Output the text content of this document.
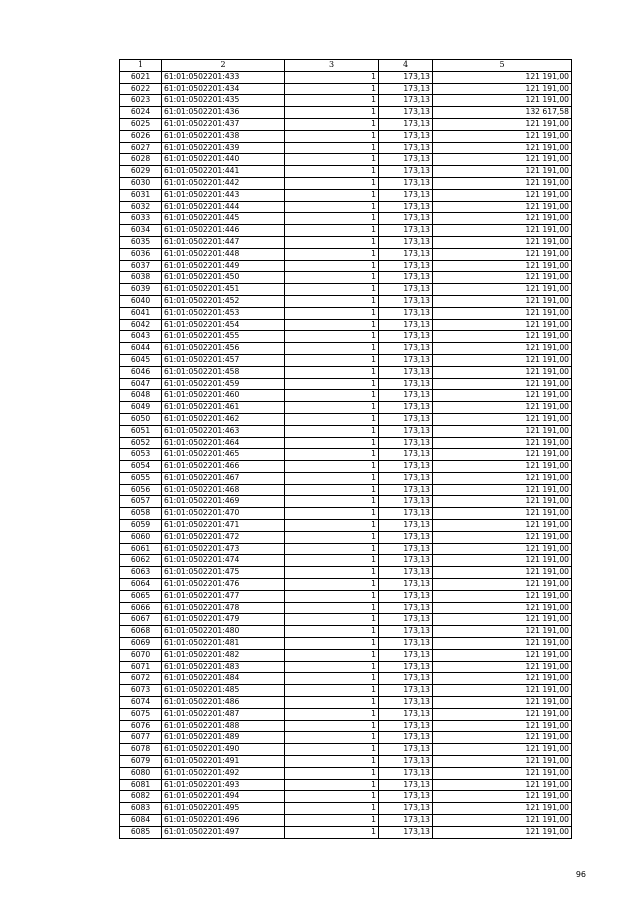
1	2	3	4	5
6021	61:01:0502201:433	1	173,13	121 191,00
6022	61:01:0502201:434	1	173,13	121 191,00
6023	61:01:0502201:435	1	173,13	121 191,00
6024	61:01:0502201:436	1	173,13	132 617,58
6025	61:01:0502201:437	1	173,13	121 191,00
6026	61:01:0502201:438	1	173,13	121 191,00
6027	61:01:0502201:439	1	173,13	121 191,00
6028	61:01:0502201:440	1	173,13	121 191,00
6029	61:01:0502201:441	1	173,13	121 191,00
6030	61:01:0502201:442	1	173,13	121 191,00
6031	61:01:0502201:443	1	173,13	121 191,00
6032	61:01:0502201:444	1	173,13	121 191,00
6033	61:01:0502201:445	1	173,13	121 191,00
6034	61:01:0502201:446	1	173,13	121 191,00
6035	61:01:0502201:447	1	173,13	121 191,00
6036	61:01:0502201:448	1	173,13	121 191,00
6037	61:01:0502201:449	1	173,13	121 191,00
6038	61:01:0502201:450	1	173,13	121 191,00
6039	61:01:0502201:451	1	173,13	121 191,00
6040	61:01:0502201:452	1	173,13	121 191,00
6041	61:01:0502201:453	1	173,13	121 191,00
6042	61:01:0502201:454	1	173,13	121 191,00
6043	61:01:0502201:455	1	173,13	121 191,00
6044	61:01:0502201:456	1	173,13	121 191,00
6045	61:01:0502201:457	1	173,13	121 191,00
6046	61:01:0502201:458	1	173,13	121 191,00
6047	61:01:0502201:459	1	173,13	121 191,00
6048	61:01:0502201:460	1	173,13	121 191,00
6049	61:01:0502201:461	1	173,13	121 191,00
6050	61:01:0502201:462	1	173,13	121 191,00
6051	61:01:0502201:463	1	173,13	121 191,00
6052	61:01:0502201:464	1	173,13	121 191,00
6053	61:01:0502201:465	1	173,13	121 191,00
6054	61:01:0502201:466	1	173,13	121 191,00
6055	61:01:0502201:467	1	173,13	121 191,00
6056	61:01:0502201:468	1	173,13	121 191,00
6057	61:01:0502201:469	1	173,13	121 191,00
6058	61:01:0502201:470	1	173,13	121 191,00
6059	61:01:0502201:471	1	173,13	121 191,00
6060	61:01:0502201:472	1	173,13	121 191,00
6061	61:01:0502201:473	1	173,13	121 191,00
6062	61:01:0502201:474	1	173,13	121 191,00
6063	61:01:0502201:475	1	173,13	121 191,00
6064	61:01:0502201:476	1	173,13	121 191,00
6065	61:01:0502201:477	1	173,13	121 191,00
6066	61:01:0502201:478	1	173,13	121 191,00
6067	61:01:0502201:479	1	173,13	121 191,00
6068	61:01:0502201:480	1	173,13	121 191,00
6069	61:01:0502201:481	1	173,13	121 191,00
6070	61:01:0502201:482	1	173,13	121 191,00
6071	61:01:0502201:483	1	173,13	121 191,00
6072	61:01:0502201:484	1	173,13	121 191,00
6073	61:01:0502201:485	1	173,13	121 191,00
6074	61:01:0502201:486	1	173,13	121 191,00
6075	61:01:0502201:487	1	173,13	121 191,00
6076	61:01:0502201:488	1	173,13	121 191,00
6077	61:01:0502201:489	1	173,13	121 191,00
6078	61:01:0502201:490	1	173,13	121 191,00
6079	61:01:0502201:491	1	173,13	121 191,00
6080	61:01:0502201:492	1	173,13	121 191,00
6081	61:01:0502201:493	1	173,13	121 191,00
6082	61:01:0502201:494	1	173,13	121 191,00
6083	61:01:0502201:495	1	173,13	121 191,00
6084	61:01:0502201:496	1	173,13	121 191,00
6085	61:01:0502201:497	1	173,13	121 191,00
96
